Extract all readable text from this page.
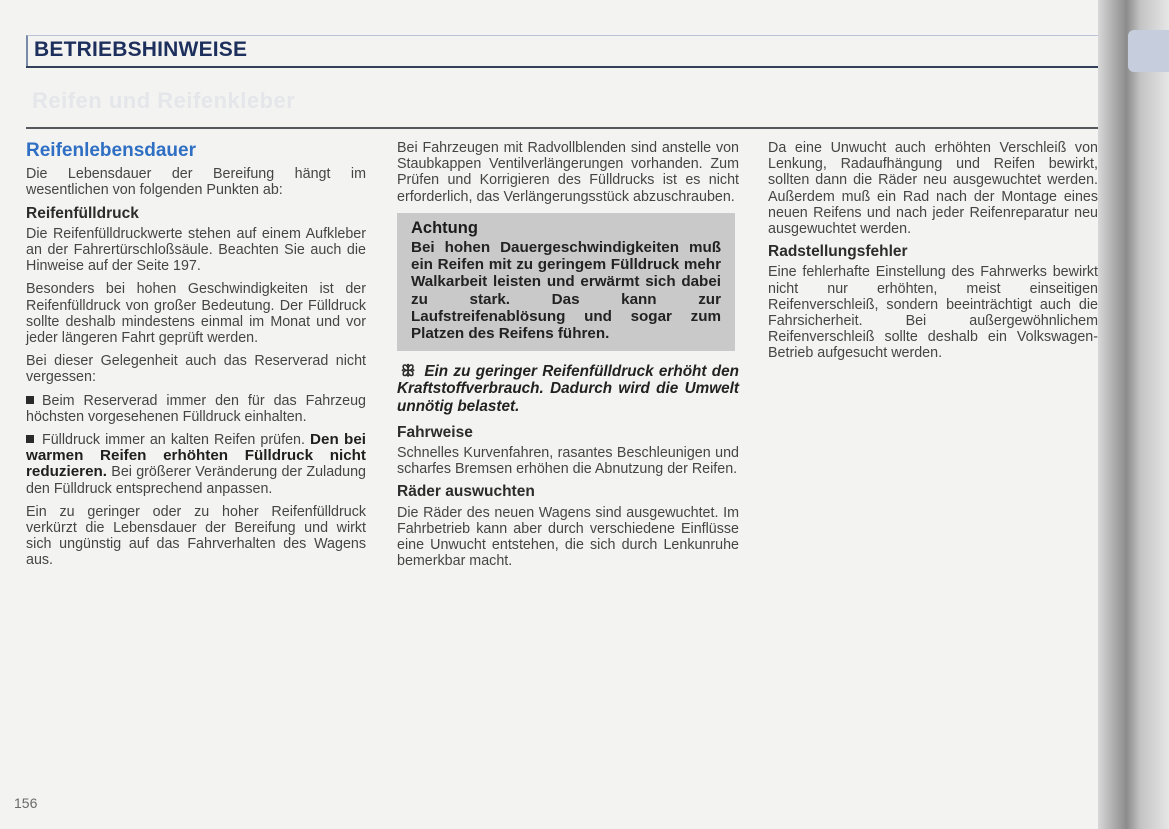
BETRIEBSHINWEISE
Reifen und Reifenkleber
Reifenlebensdauer

Die Lebensdauer der Bereifung hängt im wesentlichen von folgenden Punkten ab:

Reifenfülldruck

Die Reifenfülldruckwerte stehen auf einem Aufkleber an der Fahrertürschloßsäule. Beachten Sie auch die Hinweise auf der Seite 197.

Besonders bei hohen Geschwindigkeiten ist der Reifenfülldruck von großer Bedeutung. Der Fülldruck sollte deshalb mindestens einmal im Monat und vor jeder längeren Fahrt geprüft werden.

Bei dieser Gelegenheit auch das Reserverad nicht vergessen:

Beim Reserverad immer den für das Fahrzeug höchsten vorgesehenen Fülldruck einhalten.

Fülldruck immer an kalten Reifen prüfen. Den bei warmen Reifen erhöhten Fülldruck nicht reduzieren. Bei größerer Veränderung der Zuladung den Fülldruck entsprechend anpassen.

Ein zu geringer oder zu hoher Reifenfülldruck verkürzt die Lebensdauer der Bereifung und wirkt sich ungünstig auf das Fahrverhalten des Wagens aus.

Bei Fahrzeugen mit Radvollblenden sind anstelle von Staubkappen Ventilverlängerungen vorhanden. Zum Prüfen und Korrigieren des Fülldrucks ist es nicht erforderlich, das Verlängerungsstück abzuschrauben.

Achtung
Bei hohen Dauergeschwindigkeiten muß ein Reifen mit zu geringem Fülldruck mehr Walkarbeit leisten und erwärmt sich dabei zu stark. Das kann zur Laufstreifenablösung und sogar zum Platzen des Reifens führen.
ꕥ Ein zu geringer Reifenfülldruck erhöht den Kraftstoffverbrauch. Dadurch wird die Umwelt unnötig belastet.
Fahrweise

Schnelles Kurvenfahren, rasantes Beschleunigen und scharfes Bremsen erhöhen die Abnutzung der Reifen.

Räder auswuchten

Die Räder des neuen Wagens sind ausgewuchtet. Im Fahrbetrieb kann aber durch verschiedene Einflüsse eine Unwucht entstehen, die sich durch Lenkunruhe bemerkbar macht.

Da eine Unwucht auch erhöhten Verschleiß von Lenkung, Radaufhängung und Reifen bewirkt, sollten dann die Räder neu ausgewuchtet werden. Außerdem muß ein Rad nach der Montage eines neuen Reifens und nach jeder Reifenreparatur neu ausgewuchtet werden.

Radstellungsfehler

Eine fehlerhafte Einstellung des Fahrwerks bewirkt nicht nur erhöhten, meist einseitigen Reifenverschleiß, sondern beeinträchtigt auch die Fahrsicherheit. Bei außergewöhnlichem Reifenverschleiß sollte deshalb ein Volkswagen-Betrieb aufgesucht werden.

156
